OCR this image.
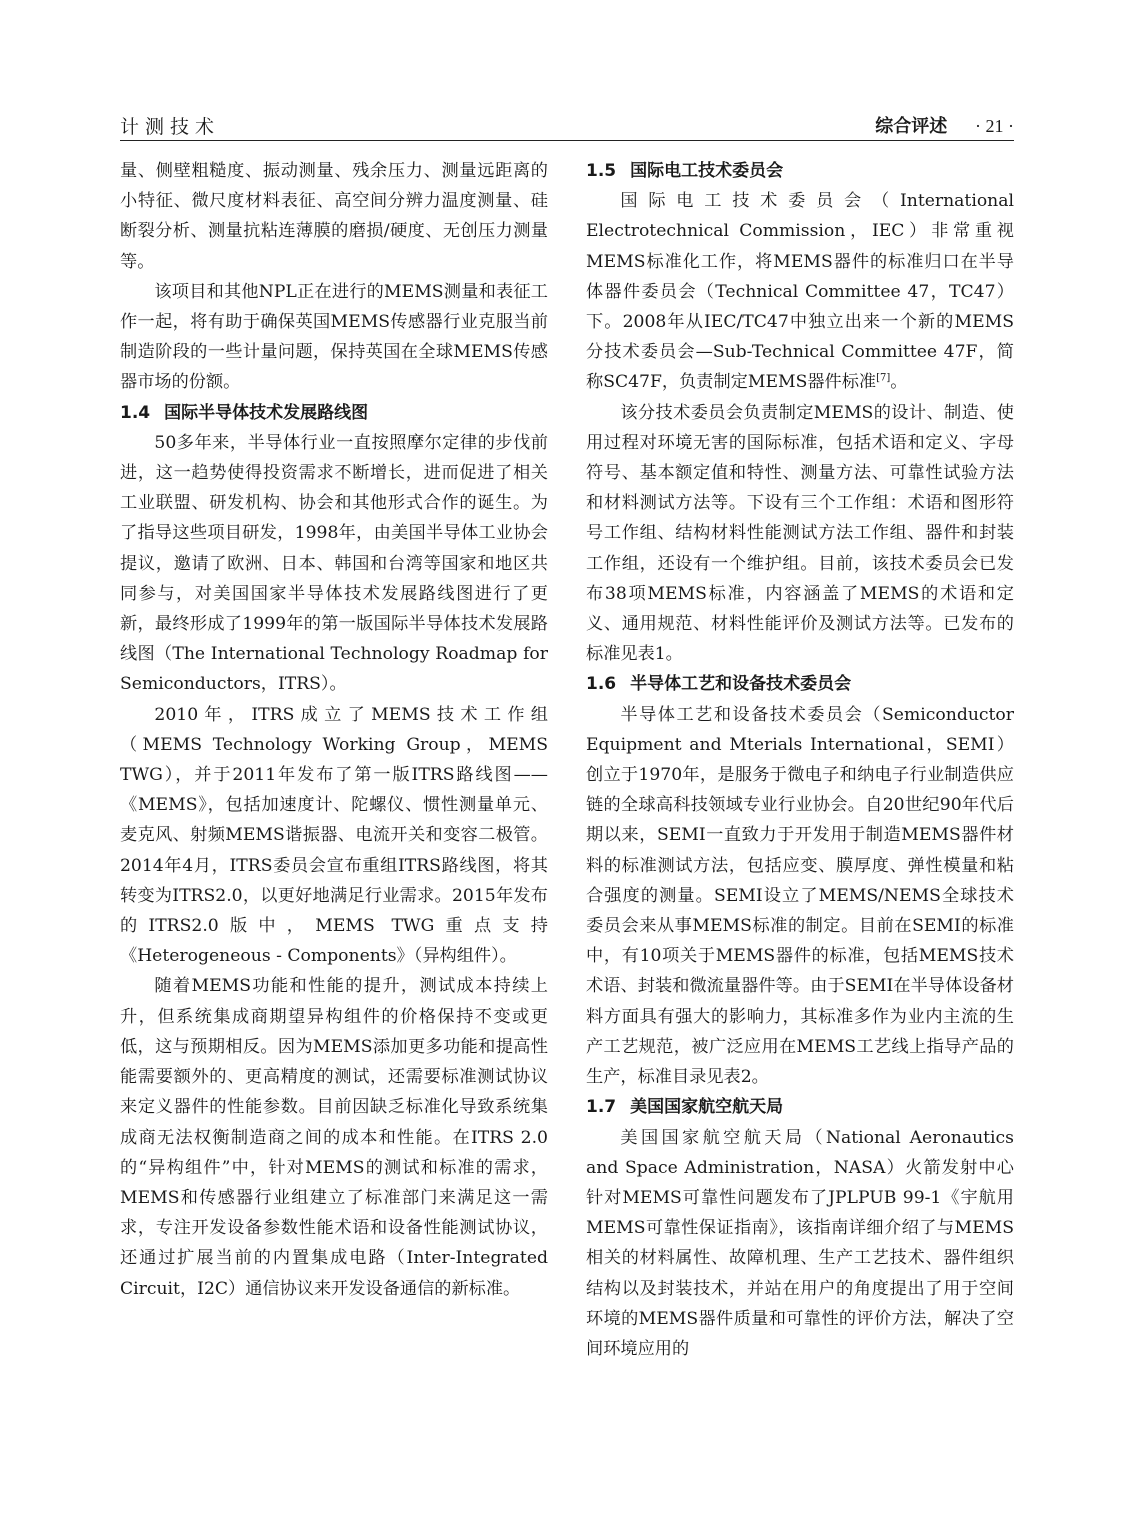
计测技术	综合评述 · 21 ·

量、侧壁粗糙度、振动测量、残余压力、测量远距离的小特征、微尺度材料表征、高空间分辨力温度测量、硅断裂分析、测量抗粘连薄膜的磨损/硬度、无创压力测量等。

该项目和其他NPL正在进行的MEMS测量和表征工作一起，将有助于确保英国MEMS传感器行业克服当前制造阶段的一些计量问题，保持英国在全球MEMS传感器市场的份额。

1.4 国际半导体技术发展路线图

50多年来，半导体行业一直按照摩尔定律的步伐前进，这一趋势使得投资需求不断增长，进而促进了相关工业联盟、研发机构、协会和其他形式合作的诞生。为了指导这些项目研发，1998年，由美国半导体工业协会提议，邀请了欧洲、日本、韩国和台湾等国家和地区共同参与，对美国国家半导体技术发展路线图进行了更新，最终形成了1999年的第一版国际半导体技术发展路线图（The International Technology Roadmap for Semiconductors，ITRS）。

2010年，ITRS成立了MEMS技术工作组（MEMS Technology Working Group，MEMS TWG），并于2011年发布了第一版ITRS路线图——《MEMS》，包括加速度计、陀螺仪、惯性测量单元、麦克风、射频MEMS谐振器、电流开关和变容二极管。2014年4月，ITRS委员会宣布重组ITRS路线图，将其转变为ITRS2.0，以更好地满足行业需求。2015年发布的ITRS2.0版中，MEMS TWG重点支持《Heterogeneous - Components》（异构组件）。

随着MEMS功能和性能的提升，测试成本持续上升，但系统集成商期望异构组件的价格保持不变或更低，这与预期相反。因为MEMS添加更多功能和提高性能需要额外的、更高精度的测试，还需要标准测试协议来定义器件的性能参数。目前因缺乏标准化导致系统集成商无法权衡制造商之间的成本和性能。在ITRS 2.0的“异构组件”中，针对MEMS的测试和标准的需求，MEMS和传感器行业组建立了标准部门来满足这一需求，专注开发设备参数性能术语和设备性能测试协议，还通过扩展当前的内置集成电路（Inter-Integrated Circuit，I2C）通信协议来开发设备通信的新标准。

1.5 国际电工技术委员会

国际电工技术委员会（International Electrotechnical Commission，IEC）非常重视MEMS标准化工作，将MEMS器件的标准归口在半导体器件委员会（Technical Committee 47，TC47）下。2008年从IEC/TC47中独立出来一个新的MEMS分技术委员会—Sub-Technical Committee 47F，简称SC47F，负责制定MEMS器件标准[7]。

该分技术委员会负责制定MEMS的设计、制造、使用过程对环境无害的国际标准，包括术语和定义、字母符号、基本额定值和特性、测量方法、可靠性试验方法和材料测试方法等。下设有三个工作组：术语和图形符号工作组、结构材料性能测试方法工作组、器件和封装工作组，还设有一个维护组。目前，该技术委员会已发布38项MEMS标准，内容涵盖了MEMS的术语和定义、通用规范、材料性能评价及测试方法等。已发布的标准见表1。

1.6 半导体工艺和设备技术委员会

半导体工艺和设备技术委员会（Semiconductor Equipment and Mterials International，SEMI）创立于1970年，是服务于微电子和纳电子行业制造供应链的全球高科技领域专业行业协会。自20世纪90年代后期以来，SEMI一直致力于开发用于制造MEMS器件材料的标准测试方法，包括应变、膜厚度、弹性模量和粘合强度的测量。SEMI设立了MEMS/NEMS全球技术委员会来从事MEMS标准的制定。目前在SEMI的标准中，有10项关于MEMS器件的标准，包括MEMS技术术语、封装和微流量器件等。由于SEMI在半导体设备材料方面具有强大的影响力，其标准多作为业内主流的生产工艺规范，被广泛应用在MEMS工艺线上指导产品的生产，标准目录见表2。

1.7 美国国家航空航天局

美国国家航空航天局（National Aeronautics and Space Administration，NASA）火箭发射中心针对MEMS可靠性问题发布了JPLPUB 99-1《宇航用MEMS可靠性保证指南》，该指南详细介绍了与MEMS相关的材料属性、故障机理、生产工艺技术、器件组织结构以及封装技术，并站在用户的角度提出了用于空间环境的MEMS器件质量和可靠性的评价方法，解决了空间环境应用的
